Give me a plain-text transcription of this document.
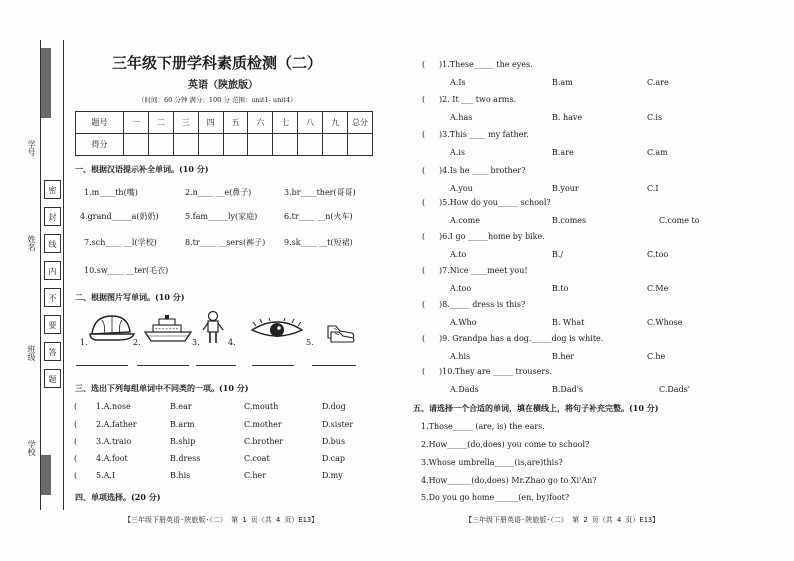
学号
姓名
班级
学校
密
封
线
内
不
要
答
题
三年级下册学科素质检测（二）
英语（陕旅版）
（时间：60 分钟 满分：100 分 范围：unit1- unit4）
题号	一	二	三	四	五	六	七	八	九	总分
得分										
一、根据汉语提示补全单词。(10 分)
1.m____th(嘴)	2.n____ __e(鼻子)	3.br____ther(哥哥)
4.grand_____a(奶奶)	5.fam_____ly(家庭)	6.tr____ __n(火车)
7.sch____ __l(学校)	8.tr____ __sers(裤子) 9.sk____ __t(短裙)
10.sw____ __ter(毛衣)
二、根据图片写单词。(10 分)
1.	2.	3.	4.	5.
三、选出下列每组单词中不同类的一项。(10 分)
( 1.A.nose	B.ear	C.mouth	D.dog
( 2.A.father	B.arm	C.mother	D.sister
( 3.A.traio	B.ship	C.brother	D.bus
( 4.A.foot	B.dress	C.coat	D.cap
( 5.A.I	B.his	C.her	D.my
四、单项选择。(20 分)
【三年级下册英语·陕旅版·（二） 第 1 页（共 4 页）E13】
( )1.These_____ the eyes.
A.Is	B.am	C.are
( )2. It ___ two arms.
A.has	B. have	C.is
( )3.This ____ my father.
A.is	B.are	C.am
( )4.Is he ____ brother?
A.you	B.your	C.I
( )5.How do you_____ school?
A.come	B.comes	C.come to
( )6.I go _____home by bike.
A.to	B./	C.too
( )7.Nice ____meet you!
A.too	B.to	C.Me
( )8._____ dress is this?
A.Who	B. What	C.Whose
( )9. Grandpa has a dog._____dog is white.
A.his	B.her	C.he
( )10.They are _____ trousers.
A.Dads	B.Dad's	C.Dads'
五、请选择一个合适的单词，填在横线上，将句子补充完整。(10 分)
1.Those_____ (are, is) the ears.
2.How_____(do,does) you come to school?
3.Whose umbrella_____(is,are)this?
4.How______(do,does) Mr.Zhao go to Xi'An?
5.Do you go home______(en, by)foot?
【三年级下册英语·陕旅版·（二） 第 2 页（共 4 页）E13】
